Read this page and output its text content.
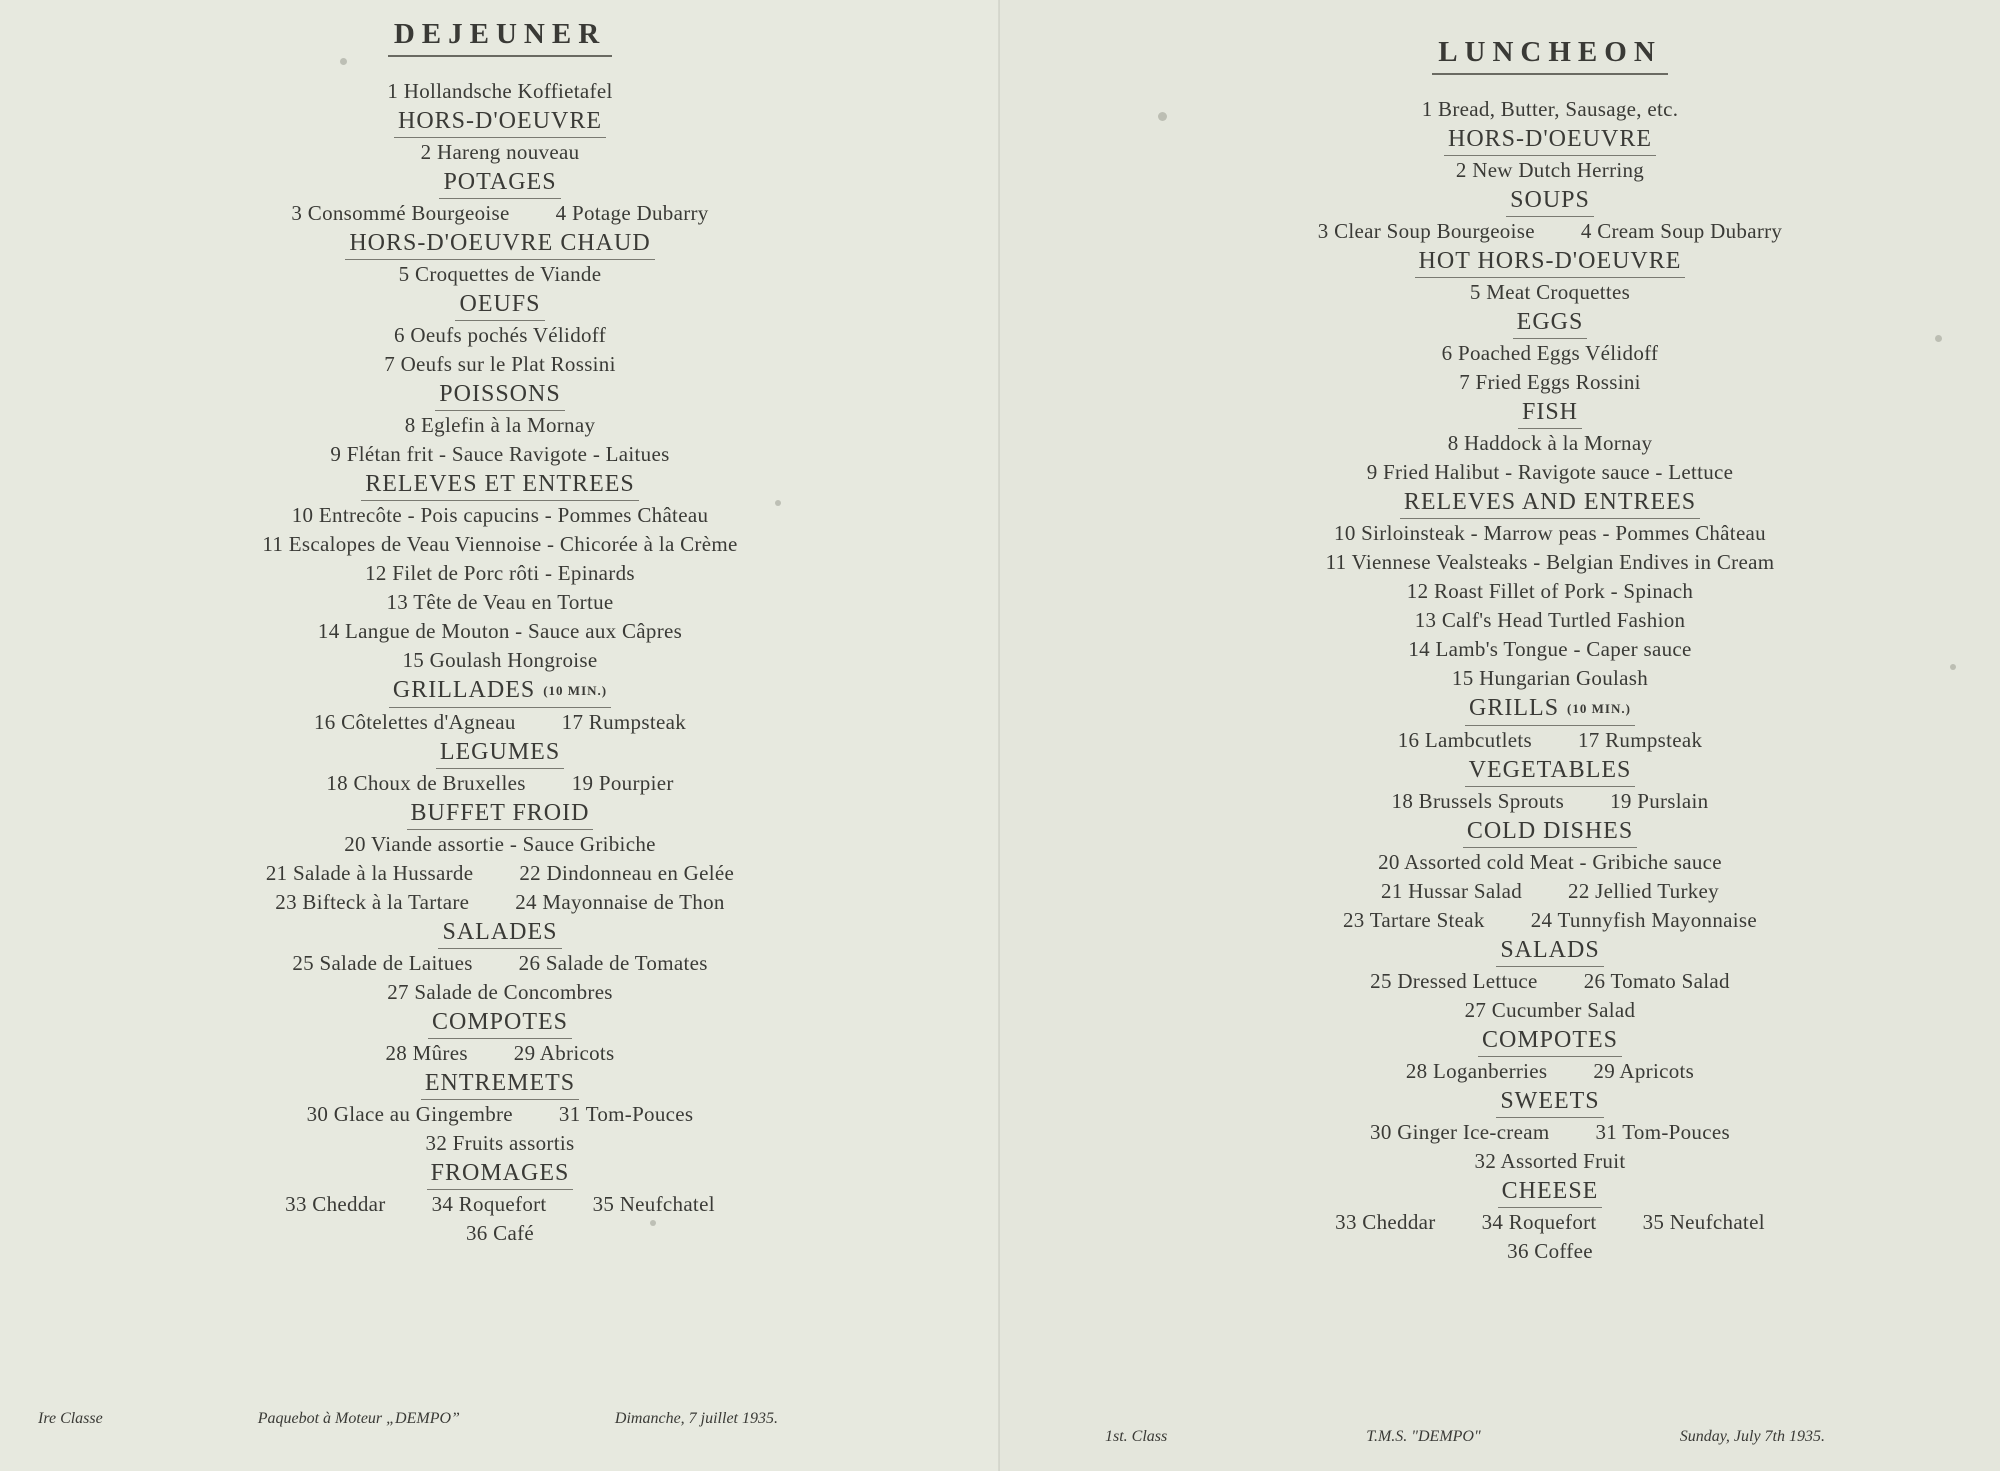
DEJEUNER
1 Hollandsche Koffietafel
HORS-D'OEUVRE
2 Hareng nouveau
POTAGES
3 Consommé Bourgeoise 4 Potage Dubarry
HORS-D'OEUVRE CHAUD
5 Croquettes de Viande
OEUFS
6 Oeufs pochés Vélidoff
7 Oeufs sur le Plat Rossini
POISSONS
8 Eglefin à la Mornay
9 Flétan frit - Sauce Ravigote - Laitues
RELEVES ET ENTREES
10 Entrecôte - Pois capucins - Pommes Château
11 Escalopes de Veau Viennoise - Chicorée à la Crème
12 Filet de Porc rôti - Epinards
13 Tête de Veau en Tortue
14 Langue de Mouton - Sauce aux Câpres
15 Goulash Hongroise
GRILLADES (10 MIN.)
16 Côtelettes d'Agneau 17 Rumpsteak
LEGUMES
18 Choux de Bruxelles 19 Pourpier
BUFFET FROID
20 Viande assortie - Sauce Gribiche
21 Salade à la Hussarde 22 Dindonneau en Gelée
23 Bifteck à la Tartare 24 Mayonnaise de Thon
SALADES
25 Salade de Laitues 26 Salade de Tomates
27 Salade de Concombres
COMPOTES
28 Mûres 29 Abricots
ENTREMETS
30 Glace au Gingembre 31 Tom-Pouces
32 Fruits assortis
FROMAGES
33 Cheddar 34 Roquefort 35 Neufchatel
36 Café
Ire Classe	Paquebot à Moteur „DEMPO”	Dimanche, 7 juillet 1935.
LUNCHEON
1 Bread, Butter, Sausage, etc.
HORS-D'OEUVRE
2 New Dutch Herring
SOUPS
3 Clear Soup Bourgeoise 4 Cream Soup Dubarry
HOT HORS-D'OEUVRE
5 Meat Croquettes
EGGS
6 Poached Eggs Vélidoff
7 Fried Eggs Rossini
FISH
8 Haddock à la Mornay
9 Fried Halibut - Ravigote sauce - Lettuce
RELEVES AND ENTREES
10 Sirloinsteak - Marrow peas - Pommes Château
11 Viennese Vealsteaks - Belgian Endives in Cream
12 Roast Fillet of Pork - Spinach
13 Calf's Head Turtled Fashion
14 Lamb's Tongue - Caper sauce
15 Hungarian Goulash
GRILLS (10 MIN.)
16 Lambcutlets 17 Rumpsteak
VEGETABLES
18 Brussels Sprouts 19 Purslain
COLD DISHES
20 Assorted cold Meat - Gribiche sauce
21 Hussar Salad 22 Jellied Turkey
23 Tartare Steak 24 Tunnyfish Mayonnaise
SALADS
25 Dressed Lettuce 26 Tomato Salad
27 Cucumber Salad
COMPOTES
28 Loganberries 29 Apricots
SWEETS
30 Ginger Ice-cream 31 Tom-Pouces
32 Assorted Fruit
CHEESE
33 Cheddar 34 Roquefort 35 Neufchatel
36 Coffee
1st. Class	T.M.S. "DEMPO"	Sunday, July 7th 1935.
